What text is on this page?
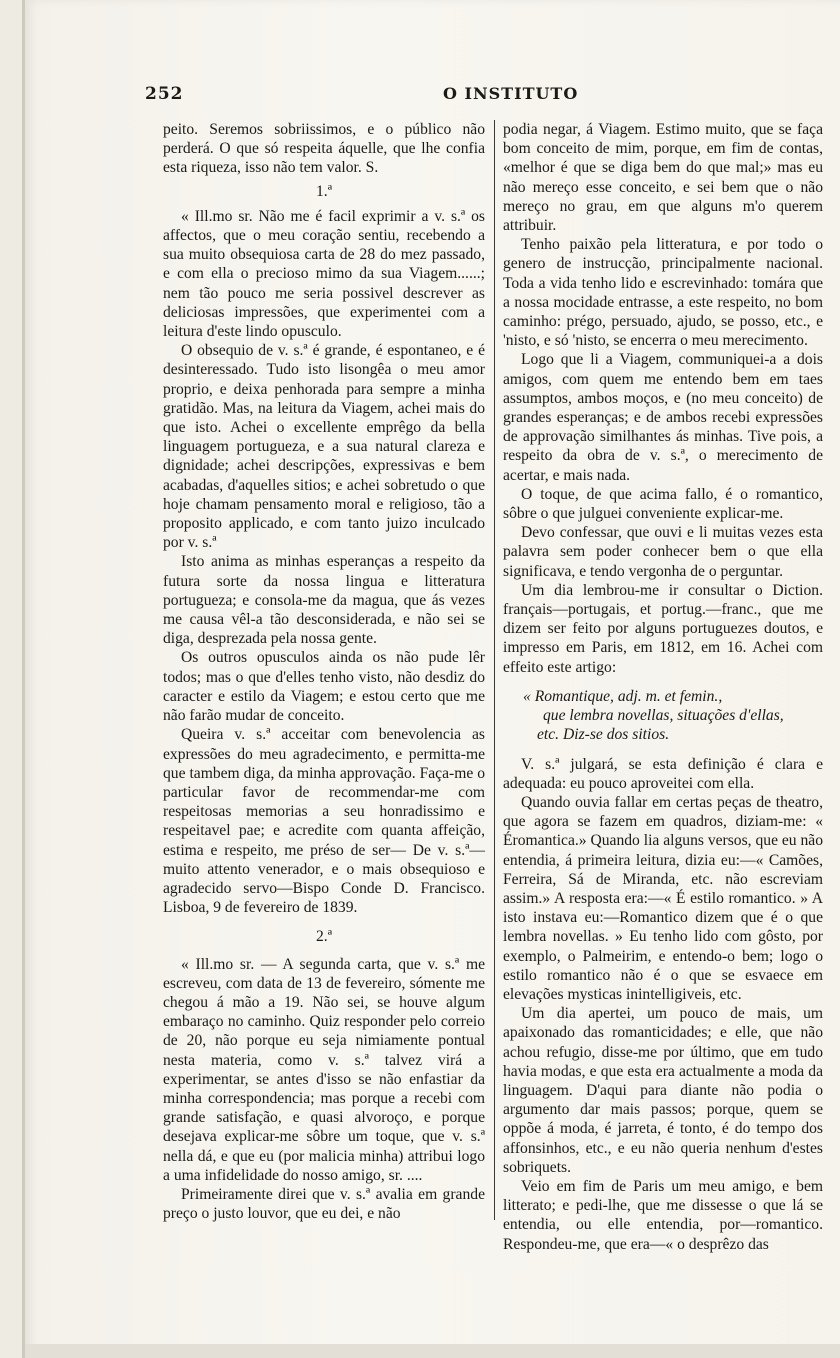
252	O INSTITUTO

peito. Seremos sobriissimos, e o público não perderá. O que só respeita áquelle, que lhe confia esta riqueza, isso não tem valor. S.

1.ª

« Ill.mo sr. Não me é facil exprimir a v. s.ª os affectos, que o meu coração sentiu, recebendo a sua muito obsequiosa carta de 28 do mez passado, e com ella o precioso mimo da sua Viagem......; nem tão pouco me seria possivel descrever as deliciosas impressões, que experimentei com a leitura d'este lindo opusculo.

O obsequio de v. s.ª é grande, é espontaneo, e é desinteressado. Tudo isto lisongêa o meu amor proprio, e deixa penhorada para sempre a minha gratidão. Mas, na leitura da Viagem, achei mais do que isto. Achei o excellente emprêgo da bella linguagem portugueza, e a sua natural clareza e dignidade; achei descripções, expressivas e bem acabadas, d'aquelles sitios; e achei sobretudo o que hoje chamam pensamento moral e religioso, tão a proposito applicado, e com tanto juizo inculcado por v. s.ª

Isto anima as minhas esperanças a respeito da futura sorte da nossa lingua e litteratura portugueza; e consola-me da magua, que ás vezes me causa vêl-a tão desconsiderada, e não sei se diga, desprezada pela nossa gente.

Os outros opusculos ainda os não pude lêr todos; mas o que d'elles tenho visto, não desdiz do caracter e estilo da Viagem; e estou certo que me não farão mudar de conceito.

Queira v. s.ª acceitar com benevolencia as expressões do meu agradecimento, e permitta-me que tambem diga, da minha approvação. Faça-me o particular favor de recommendar-me com respeitosas memorias a seu honradissimo e respeitavel pae; e acredite com quanta affeição, estima e respeito, me préso de ser— De v. s.ª— muito attento venerador, e o mais obsequioso e agradecido servo—Bispo Conde D. Francisco. Lisboa, 9 de fevereiro de 1839.

2.ª

« Ill.mo sr. — A segunda carta, que v. s.ª me escreveu, com data de 13 de fevereiro, sómente me chegou á mão a 19. Não sei, se houve algum embaraço no caminho. Quiz responder pelo correio de 20, não porque eu seja nimiamente pontual nesta materia, como v. s.ª talvez virá a experimentar, se antes d'isso se não enfastiar da minha correspondencia; mas porque a recebi com grande satisfação, e quasi alvoroço, e porque desejava explicar-me sôbre um toque, que v. s.ª nella dá, e que eu (por malicia minha) attribui logo a uma infidelidade do nosso amigo, sr. ....

Primeiramente direi que v. s.ª avalia em grande preço o justo louvor, que eu dei, e não

podia negar, á Viagem. Estimo muito, que se faça bom conceito de mim, porque, em fim de contas, «melhor é que se diga bem do que mal;» mas eu não mereço esse conceito, e sei bem que o não mereço no grau, em que alguns m'o querem attribuir.

Tenho paixão pela litteratura, e por todo o genero de instrucção, principalmente nacional. Toda a vida tenho lido e escrevinhado: tomára que a nossa mocidade entrasse, a este respeito, no bom caminho: prégo, persuado, ajudo, se posso, etc., e 'nisto, e só 'nisto, se encerra o meu merecimento.

Logo que li a Viagem, communiquei-a a dois amigos, com quem me entendo bem em taes assumptos, ambos moços, e (no meu conceito) de grandes esperanças; e de ambos recebi expressões de approvação similhantes ás minhas. Tive pois, a respeito da obra de v. s.ª, o merecimento de acertar, e mais nada.

O toque, de que acima fallo, é o romantico, sôbre o que julguei conveniente explicar-me.

Devo confessar, que ouvi e li muitas vezes esta palavra sem poder conhecer bem o que ella significava, e tendo vergonha de o perguntar.

Um dia lembrou-me ir consultar o Diction. français—portugais, et portug.—franc., que me dizem ser feito por alguns portuguezes doutos, e impresso em Paris, em 1812, em 16. Achei com effeito este artigo:

« Romantique, adj. m. et femin.,
que lembra novellas, situações d'ellas,
etc. Diz-se dos sitios.

V. s.ª julgará, se esta definição é clara e adequada: eu pouco aproveitei com ella.

Quando ouvia fallar em certas peças de theatro, que agora se fazem em quadros, diziam-me: « Éromantica.» Quando lia alguns versos, que eu não entendia, á primeira leitura, dizia eu:—« Camões, Ferreira, Sá de Miranda, etc. não escreviam assim.» A resposta era:—« É estilo romantico. » A isto instava eu:—Romantico dizem que é o que lembra novellas. » Eu tenho lido com gôsto, por exemplo, o Palmeirim, e entendo-o bem; logo o estilo romantico não é o que se esvaece em elevações mysticas inintelligiveis, etc.

Um dia apertei, um pouco de mais, um apaixonado das romanticidades; e elle, que não achou refugio, disse-me por último, que em tudo havia modas, e que esta era actualmente a moda da linguagem. D'aqui para diante não podia o argumento dar mais passos; porque, quem se oppõe á moda, é jarreta, é tonto, é do tempo dos affonsinhos, etc., e eu não queria nenhum d'estes sobriquets.

Veio em fim de Paris um meu amigo, e bem litterato; e pedi-lhe, que me dissesse o que lá se entendia, ou elle entendia, por—romantico. Respondeu-me, que era—« o desprêzo das
